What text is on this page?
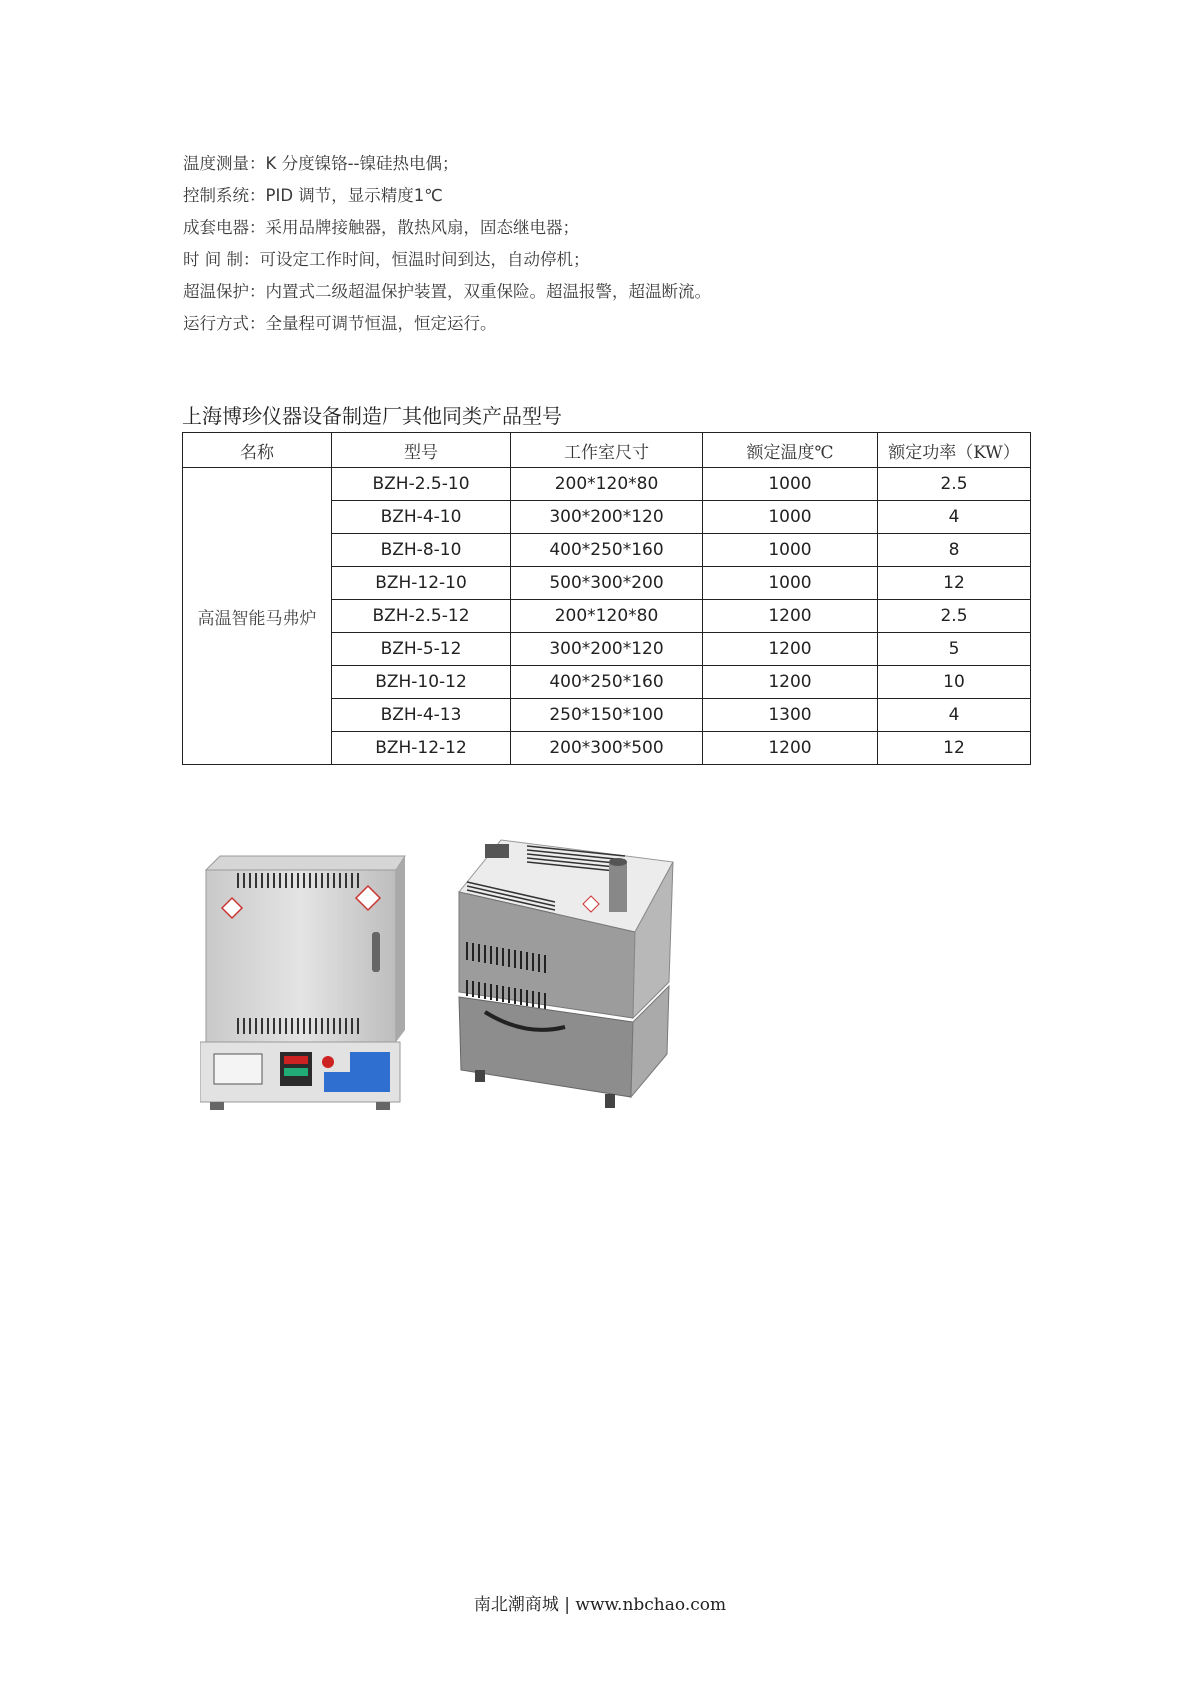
温度测量：K 分度镍铬--镍硅热电偶；
控制系统：PID 调节，显示精度1℃
成套电器：采用品牌接触器，散热风扇，固态继电器；
时 间 制：可设定工作时间，恒温时间到达，自动停机；
超温保护：内置式二级超温保护装置，双重保险。超温报警，超温断流。
运行方式：全量程可调节恒温，恒定运行。
上海博珍仪器设备制造厂其他同类产品型号
名称	型号	工作室尺寸	额定温度℃	额定功率（KW）
高温智能马弗炉	BZH-2.5-10	200*120*80	1000	2.5
	BZH-4-10	300*200*120	1000	4
	BZH-8-10	400*250*160	1000	8
	BZH-12-10	500*300*200	1000	12
	BZH-2.5-12	200*120*80	1200	2.5
	BZH-5-12	300*200*120	1200	5
	BZH-10-12	400*250*160	1200	10
	BZH-4-13	250*150*100	1300	4
	BZH-12-12	200*300*500	1200	12
南北潮商城 | www.nbchao.com
